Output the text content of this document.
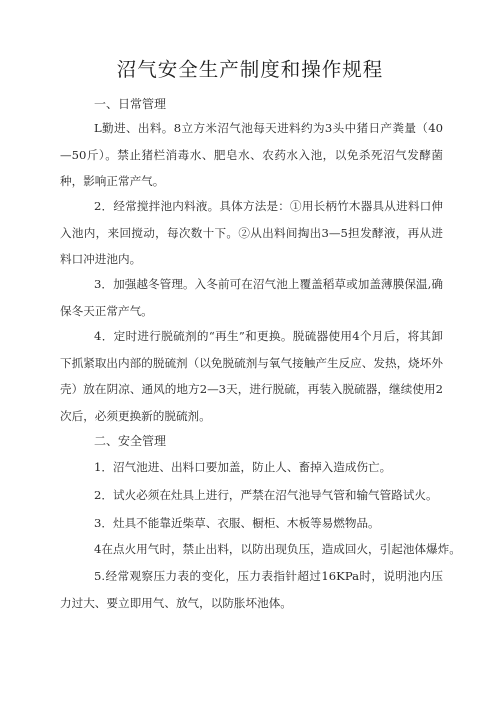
沼气安全生产制度和操作规程
一、日常管理

L勤进、出料。8立方米沼气池每天进料约为3头中猪日产粪量（40—50斤）。禁止猪栏消毒水、肥皂水、农药水入池，以免杀死沼气发酵菌种，影响正常产气。

2．经常搅拌池内料液。具体方法是：①用长柄竹木器具从进料口伸入池内，来回搅动，每次数十下。②从出料间掏出3—5担发酵液，再从进料口冲进池内。

3．加强越冬管理。入冬前可在沼气池上覆盖稻草或加盖薄膜保温,确保冬天正常产气。

4．定时进行脱硫剂的“再生”和更换。脱硫器使用4个月后，将其卸下抓紧取出内部的脱硫剂（以免脱硫剂与氧气接触产生反应、发热，烧坏外壳）放在阴凉、通风的地方2—3天，进行脱硫，再装入脱硫器，继续使用2次后，必须更换新的脱硫剂。

二、安全管理

1．沼气池进、出料口要加盖，防止人、畜掉入造成伤亡。

2．试火必须在灶具上进行，严禁在沼气池导气管和输气管路试火。

3．灶具不能靠近柴草、衣服、橱柜、木板等易燃物品。

4在点火用气时，禁止出料，以防出现负压，造成回火，引起池体爆炸。

5.经常观察压力表的变化，压力表指针超过16KPa时，说明池内压力过大、要立即用气、放气，以防胀坏池体。
